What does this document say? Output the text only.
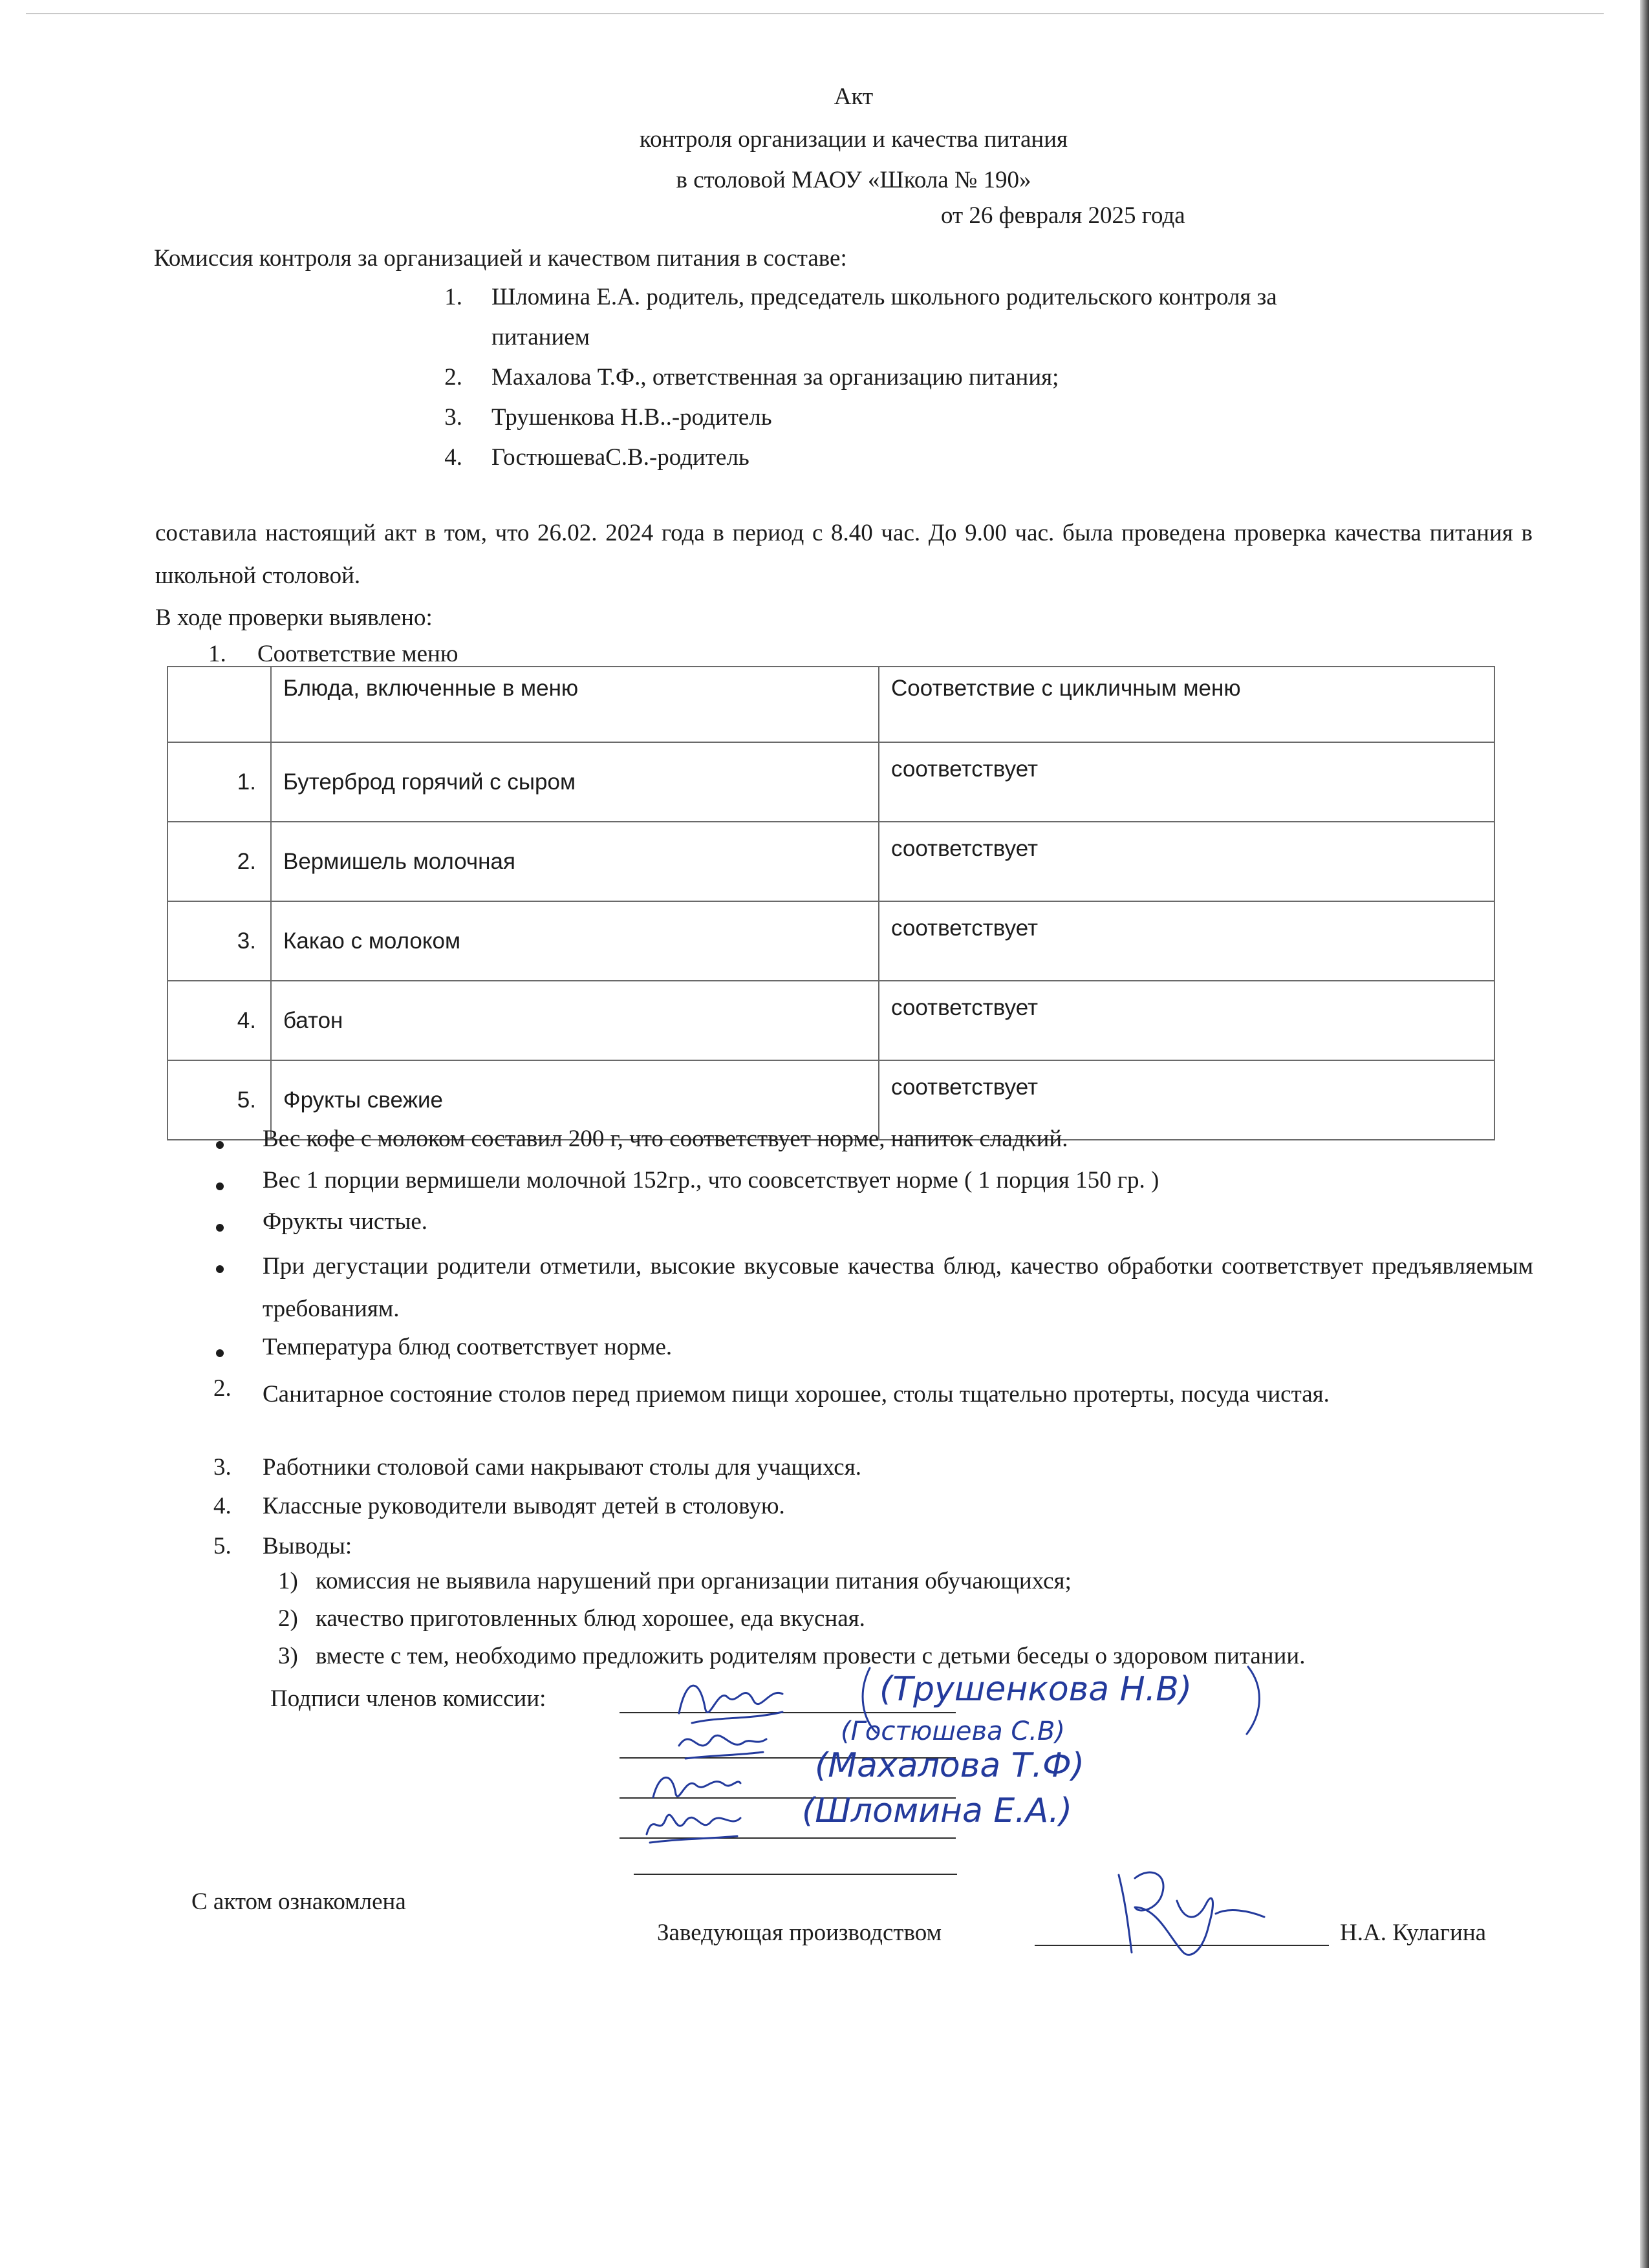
Акт
контроля организации и качества питания
в столовой МАОУ «Школа № 190»
от 26 февраля 2025 года
Комиссия контроля за организацией и качеством питания в составе:
1. Шломина Е.А. родитель, председатель школьного родительского контроля за
питанием
2. Махалова Т.Ф., ответственная за организацию питания;
3. Трушенкова Н.В..-родитель
4. ГостюшеваС.В.-родитель
составила настоящий акт в том, что 26.02. 2024 года в период с 8.40 час. До 9.00 час. была проведена проверка качества питания в школьной столовой.
В ходе проверки выявлено:
1. Соответствие меню
	Блюда, включенные в меню	Соответствие с цикличным меню
1.	Бутерброд горячий с сыром	соответствует
2.	Вермишель молочная	соответствует
3.	Какао с молоком	соответствует
4.	батон	соответствует
5.	Фрукты свежие	соответствует
Вес кофе с молоком составил 200 г, что соответствует норме, напиток сладкий.
Вес 1 порции вермишели молочной 152гр., что соовсетствует норме ( 1 порция 150 гр. )
Фрукты чистые.
При дегустации родители отметили, высокие вкусовые качества блюд, качество обработки соответствует предъявляемым требованиям.
Температура блюд соответствует норме.
2. Санитарное состояние столов перед приемом пищи хорошее, столы тщательно протерты, посуда чистая.
3. Работники столовой сами накрывают столы для учащихся.
4. Классные руководители выводят детей в столовую.
5. Выводы:
1) комиссия не выявила нарушений при организации питания обучающихся;
2) качество приготовленных блюд хорошее, еда вкусная.
3) вместе с тем, необходимо предложить родителям провести с детьми беседы о здоровом питании.
Подписи членов комиссии:	(Трушенкова Н.В)
(Гостюшева С.В)
(Махалова Т.Ф)
(Шломина Е.А.)
С актом ознакомлена
Заведующая производством	Н.А. Кулагина
